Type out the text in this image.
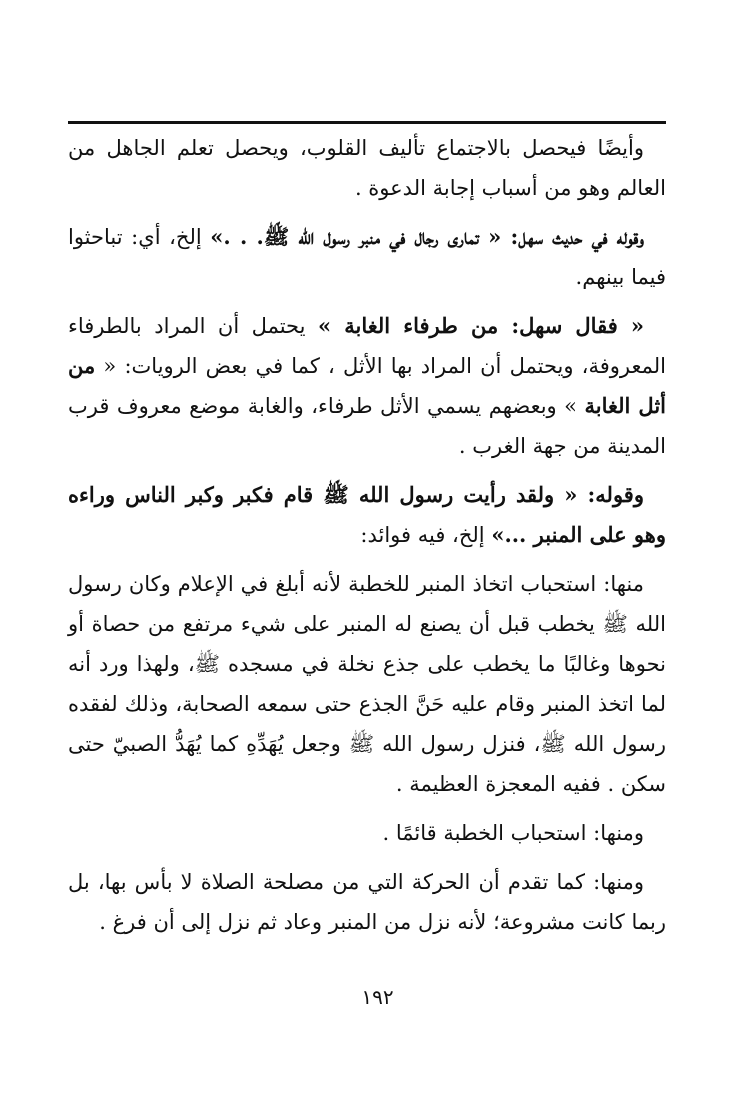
وأيضًا فيحصل بالاجتماع تأليف القلوب، ويحصل تعلم الجاهل من العالم وهو من أسباب إجابة الدعوة .

وقوله في حديث سهل: « تمارى رجال في منبر رسول الله ﷺ. . .» إلخ، أي: تباحثوا فيما بينهم.

« فقال سهل: من طرفاء الغابة » يحتمل أن المراد بالطرفاء المعروفة، ويحتمل أن المراد بها الأثل ، كما في بعض الرويات: « من أثل الغابة » وبعضهم يسمي الأثل طرفاء، والغابة موضع معروف قرب المدينة من جهة الغرب .

وقوله: « ولقد رأيت رسول الله ﷺ قام فكبر وكبر الناس وراءه وهو على المنبر ...» إلخ، فيه فوائد:

منها: استحباب اتخاذ المنبر للخطبة لأنه أبلغ في الإعلام وكان رسول الله ﷺ يخطب قبل أن يصنع له المنبر على شيء مرتفع من حصاة أو نحوها وغالبًا ما يخطب على جذع نخلة في مسجده ﷺ، ولهذا ورد أنه لما اتخذ المنبر وقام عليه حَنَّ الجذع حتى سمعه الصحابة، وذلك لفقده رسول الله ﷺ، فنزل رسول الله ﷺ وجعل يُهَدِّهِ كما يُهَدُّ الصبيّ حتى سكن . ففيه المعجزة العظيمة .

ومنها: استحباب الخطبة قائمًا .

ومنها: كما تقدم أن الحركة التي من مصلحة الصلاة لا بأس بها، بل ربما كانت مشروعة؛ لأنه نزل من المنبر وعاد ثم نزل إلى أن فرغ .

١٩٢
